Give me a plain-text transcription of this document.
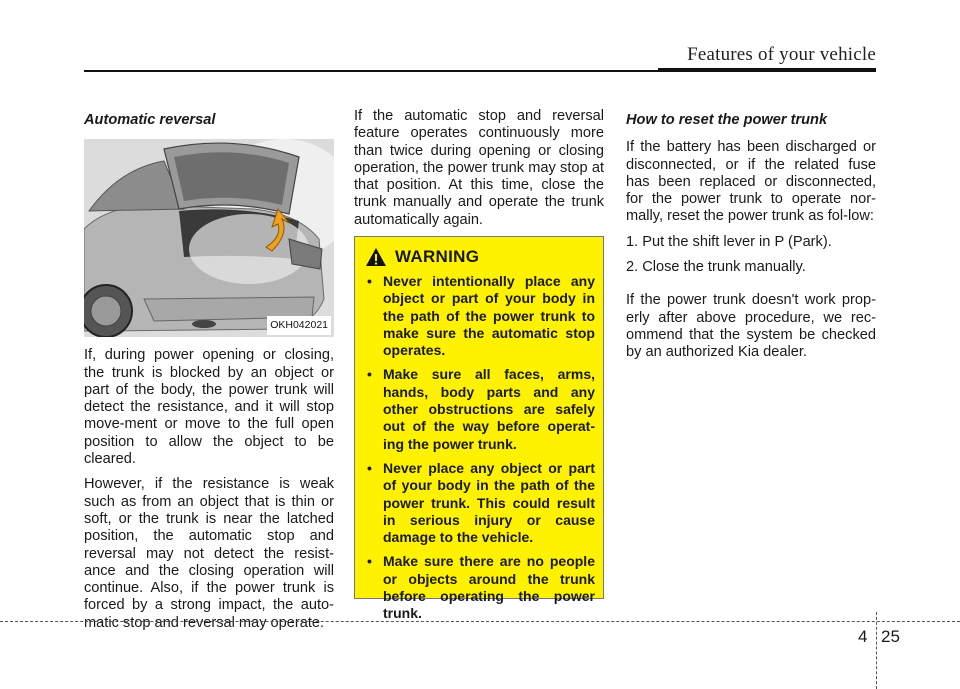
Features of your vehicle
Automatic reversal
OKH042021

If, during power opening or closing, the trunk is blocked by an object or part of the body, the power trunk will detect the resistance, and it will stop move-ment or move to the full open position to allow the object to be cleared.

However, if the resistance is weak such as from an object that is thin or soft, or the trunk is near the latched position, the automatic stop and reversal may not detect the resist-ance and the closing operation will continue. Also, if the power trunk is forced by a strong impact, the auto-matic stop and reversal may operate.

If the automatic stop and reversal feature operates continuously more than twice during opening or closing operation, the power trunk may stop at that position. At this time, close the trunk manually and operate the trunk automatically again.

WARNING
• Never intentionally place any object or part of your body in the path of the power trunk to make sure the automatic stop operates.
• Make sure all faces, arms, hands, body parts and any other obstructions are safely out of the way before operat-ing the power trunk.
• Never place any object or part of your body in the path of the power trunk. This could result in serious injury or cause damage to the vehicle.
• Make sure there are no people or objects around the trunk before operating the power trunk.
How to reset the power trunk

If the battery has been discharged or disconnected, or if the related fuse has been replaced or disconnected, for the power trunk to operate nor-mally, reset the power trunk as fol-low:

1. Put the shift lever in P (Park).

2. Close the trunk manually.

If the power trunk doesn't work prop-erly after above procedure, we rec-ommend that the system be checked by an authorized Kia dealer.

4 25
